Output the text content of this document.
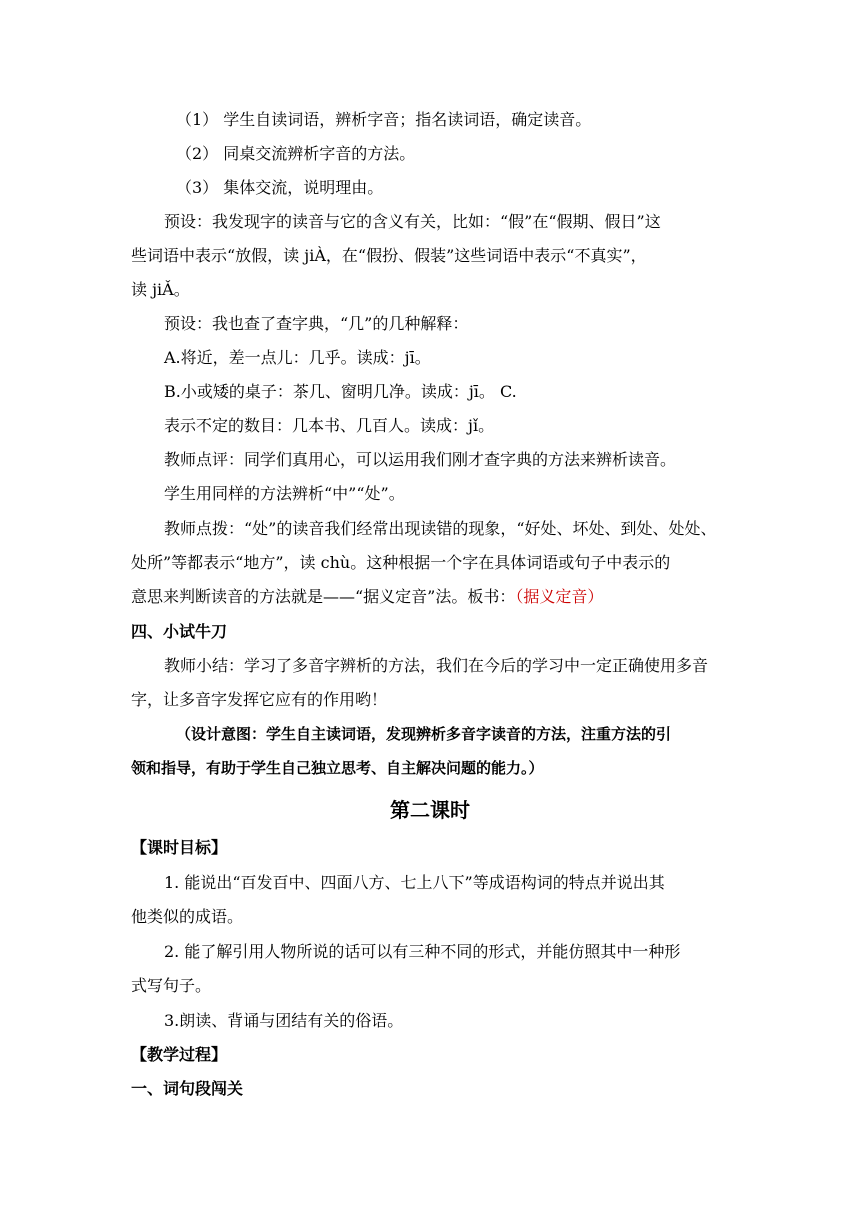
（1） 学生自读词语，辨析字音；指名读词语，确定读音。
（2） 同桌交流辨析字音的方法。
（3） 集体交流，说明理由。
预设：我发现字的读音与它的含义有关，比如：“假”在“假期、假日”这
些词语中表示“放假，读 jiÀ，在“假扮、假装”这些词语中表示“不真实”，
读 jiǍ。
预设：我也查了查字典，“几”的几种解释：
A.将近，差一点儿：几乎。读成：jī。
B.小或矮的桌子：茶几、窗明几净。读成：jī。 C.
表示不定的数目：几本书、几百人。读成：jǐ。
教师点评：同学们真用心，可以运用我们刚才查字典的方法来辨析读音。
学生用同样的方法辨析“中”“处”。
教师点拨：“处”的读音我们经常出现读错的现象，“好处、坏处、到处、处处、
处所”等都表示“地方”，读 chù。这种根据一个字在具体词语或句子中表示的
意思来判断读音的方法就是——“据义定音”法。板书：（据义定音）
四、小试牛刀
教师小结：学习了多音字辨析的方法，我们在今后的学习中一定正确使用多音
字，让多音字发挥它应有的作用哟！
（设计意图：学生自主读词语，发现辨析多音字读音的方法，注重方法的引
领和指导，有助于学生自己独立思考、自主解决问题的能力。）
第二课时
【课时目标】
1. 能说出“百发百中、四面八方、七上八下”等成语构词的特点并说出其
他类似的成语。
2. 能了解引用人物所说的话可以有三种不同的形式，并能仿照其中一种形
式写句子。
3.朗读、背诵与团结有关的俗语。
【教学过程】
一、词句段闯关
